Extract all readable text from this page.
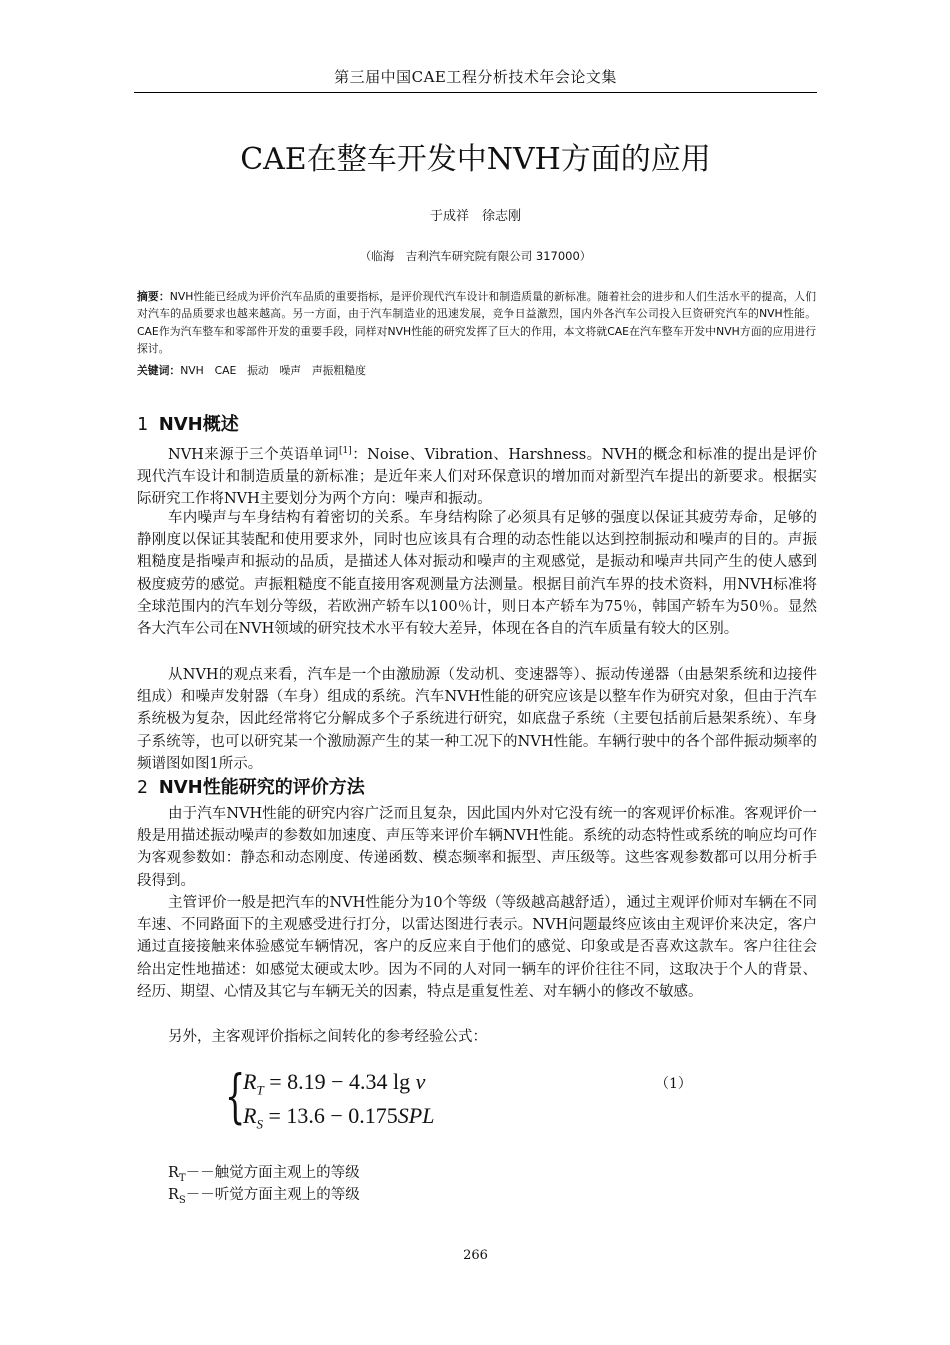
第三届中国CAE工程分析技术年会论文集
CAE在整车开发中NVH方面的应用
于成祥　徐志刚
（临海　吉利汽车研究院有限公司 317000）

摘要：NVH性能已经成为评价汽车品质的重要指标，是评价现代汽车设计和制造质量的新标准。随着社会的进步和人们生活水平的提高，人们对汽车的品质要求也越来越高。另一方面，由于汽车制造业的迅速发展，竞争日益激烈，国内外各汽车公司投入巨资研究汽车的NVH性能。CAE作为汽车整车和零部件开发的重要手段，同样对NVH性能的研究发挥了巨大的作用，本文将就CAE在汽车整车开发中NVH方面的应用进行探讨。

关键词：NVH　CAE　振动　噪声　声振粗糙度

1 NVH概述

NVH来源于三个英语单词[1]：Noise、Vibration、Harshness。NVH的概念和标准的提出是评价现代汽车设计和制造质量的新标准；是近年来人们对环保意识的增加而对新型汽车提出的新要求。根据实际研究工作将NVH主要划分为两个方向：噪声和振动。

车内噪声与车身结构有着密切的关系。车身结构除了必须具有足够的强度以保证其疲劳寿命，足够的静刚度以保证其装配和使用要求外，同时也应该具有合理的动态性能以达到控制振动和噪声的目的。声振粗糙度是指噪声和振动的品质，是描述人体对振动和噪声的主观感觉，是振动和噪声共同产生的使人感到极度疲劳的感觉。声振粗糙度不能直接用客观测量方法测量。根据目前汽车界的技术资料，用NVH标准将全球范围内的汽车划分等级，若欧洲产轿车以100％计，则日本产轿车为75％，韩国产轿车为50％。显然各大汽车公司在NVH领域的研究技术水平有较大差异，体现在各自的汽车质量有较大的区别。

从NVH的观点来看，汽车是一个由激励源（发动机、变速器等）、振动传递器（由悬架系统和边接件组成）和噪声发射器（车身）组成的系统。汽车NVH性能的研究应该是以整车作为研究对象，但由于汽车系统极为复杂，因此经常将它分解成多个子系统进行研究，如底盘子系统（主要包括前后悬架系统）、车身子系统等，也可以研究某一个激励源产生的某一种工况下的NVH性能。车辆行驶中的各个部件振动频率的频谱图如图1所示。

2 NVH性能研究的评价方法

由于汽车NVH性能的研究内容广泛而且复杂，因此国内外对它没有统一的客观评价标准。客观评价一般是用描述振动噪声的参数如加速度、声压等来评价车辆NVH性能。系统的动态特性或系统的响应均可作为客观参数如：静态和动态刚度、传递函数、模态频率和振型、声压级等。这些客观参数都可以用分析手段得到。

主管评价一般是把汽车的NVH性能分为10个等级（等级越高越舒适），通过主观评价师对车辆在不同车速、不同路面下的主观感受进行打分，以雷达图进行表示。NVH问题最终应该由主观评价来决定，客户通过直接接触来体验感觉车辆情况，客户的反应来自于他们的感觉、印象或是否喜欢这款车。客户往往会给出定性地描述：如感觉太硬或太吵。因为不同的人对同一辆车的评价往往不同，这取决于个人的背景、经历、期望、心情及其它与车辆无关的因素，特点是重复性差、对车辆小的修改不敏感。

另外，主客观评价指标之间转化的参考经验公式：

{
$R_T = 8.19 - 4.34$ lg v
$R_S = 13.6 - 0.175SPL$
（1）

$R_T--$触觉方面主观上的等级

$R_S--$听觉方面主观上的等级

266
